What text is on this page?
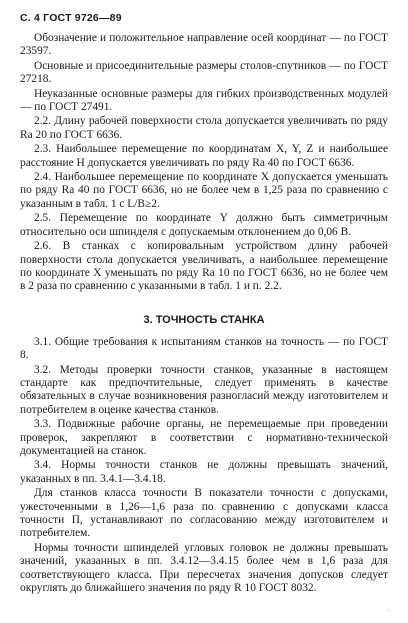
С. 4 ГОСТ 9726—89

Обозначение и положительное направление осей координат — по ГОСТ 23597.

Основные и присоединительные размеры столов-спутников — по ГОСТ 27218.

Неуказанные основные размеры для гибких производственных модулей — по ГОСТ 27491.

2.2. Длину рабочей поверхности стола допускается увеличивать по ряду Ra 20 по ГОСТ 6636.

2.3. Наибольшее перемещение по координатам X, Y, Z и наибольшее расстояние H допускается увеличивать по ряду Ra 40 по ГОСТ 6636.

2.4. Наибольшее перемещение по координате X допускается уменьшать по ряду Ra 40 по ГОСТ 6636, но не более чем в 1,25 раза по сравнению с указанным в табл. 1 с L/B≥2.

2.5. Перемещение по координате Y должно быть симметричным относительно оси шпинделя с допускаемым отклонением до 0,06 B.

2.6. В станках с копировальным устройством длину рабочей поверхности стола допускается увеличивать, а наибольшее перемещение по координате X уменьшать по ряду Ra 10 по ГОСТ 6636, но не более чем в 2 раза по сравнению с указанными в табл. 1 и п. 2.2.

3. ТОЧНОСТЬ СТАНКА

3.1. Общие требования к испытаниям станков на точность — по ГОСТ 8.

3.2. Методы проверки точности станков, указанные в настоящем стандарте как предпочтительные, следует применять в качестве обязательных в случае возникновения разногласий между изготовителем и потребителем в оценке качества станков.

3.3. Подвижные рабочие органы, не перемещаемые при проведении проверок, закрепляют в соответствии с нормативно-технической документацией на станок.

3.4. Нормы точности станков не должны превышать значений, указанных в пп. 3.4.1—3.4.18.

Для станков класса точности В показатели точности с допусками, ужесточенными в 1,26—1,6 раза по сравнению с допусками класса точности П, устанавливают по согласованию между изготовителем и потребителем.

Нормы точности шпинделей угловых головок не должны превышать значений, указанных в пп. 3.4.12—3.4.15 более чем в 1,6 раза для соответствующего класса. При пересчетах значения допусков следует округлять до ближайшего значения по ряду R 10 ГОСТ 8032.

·
